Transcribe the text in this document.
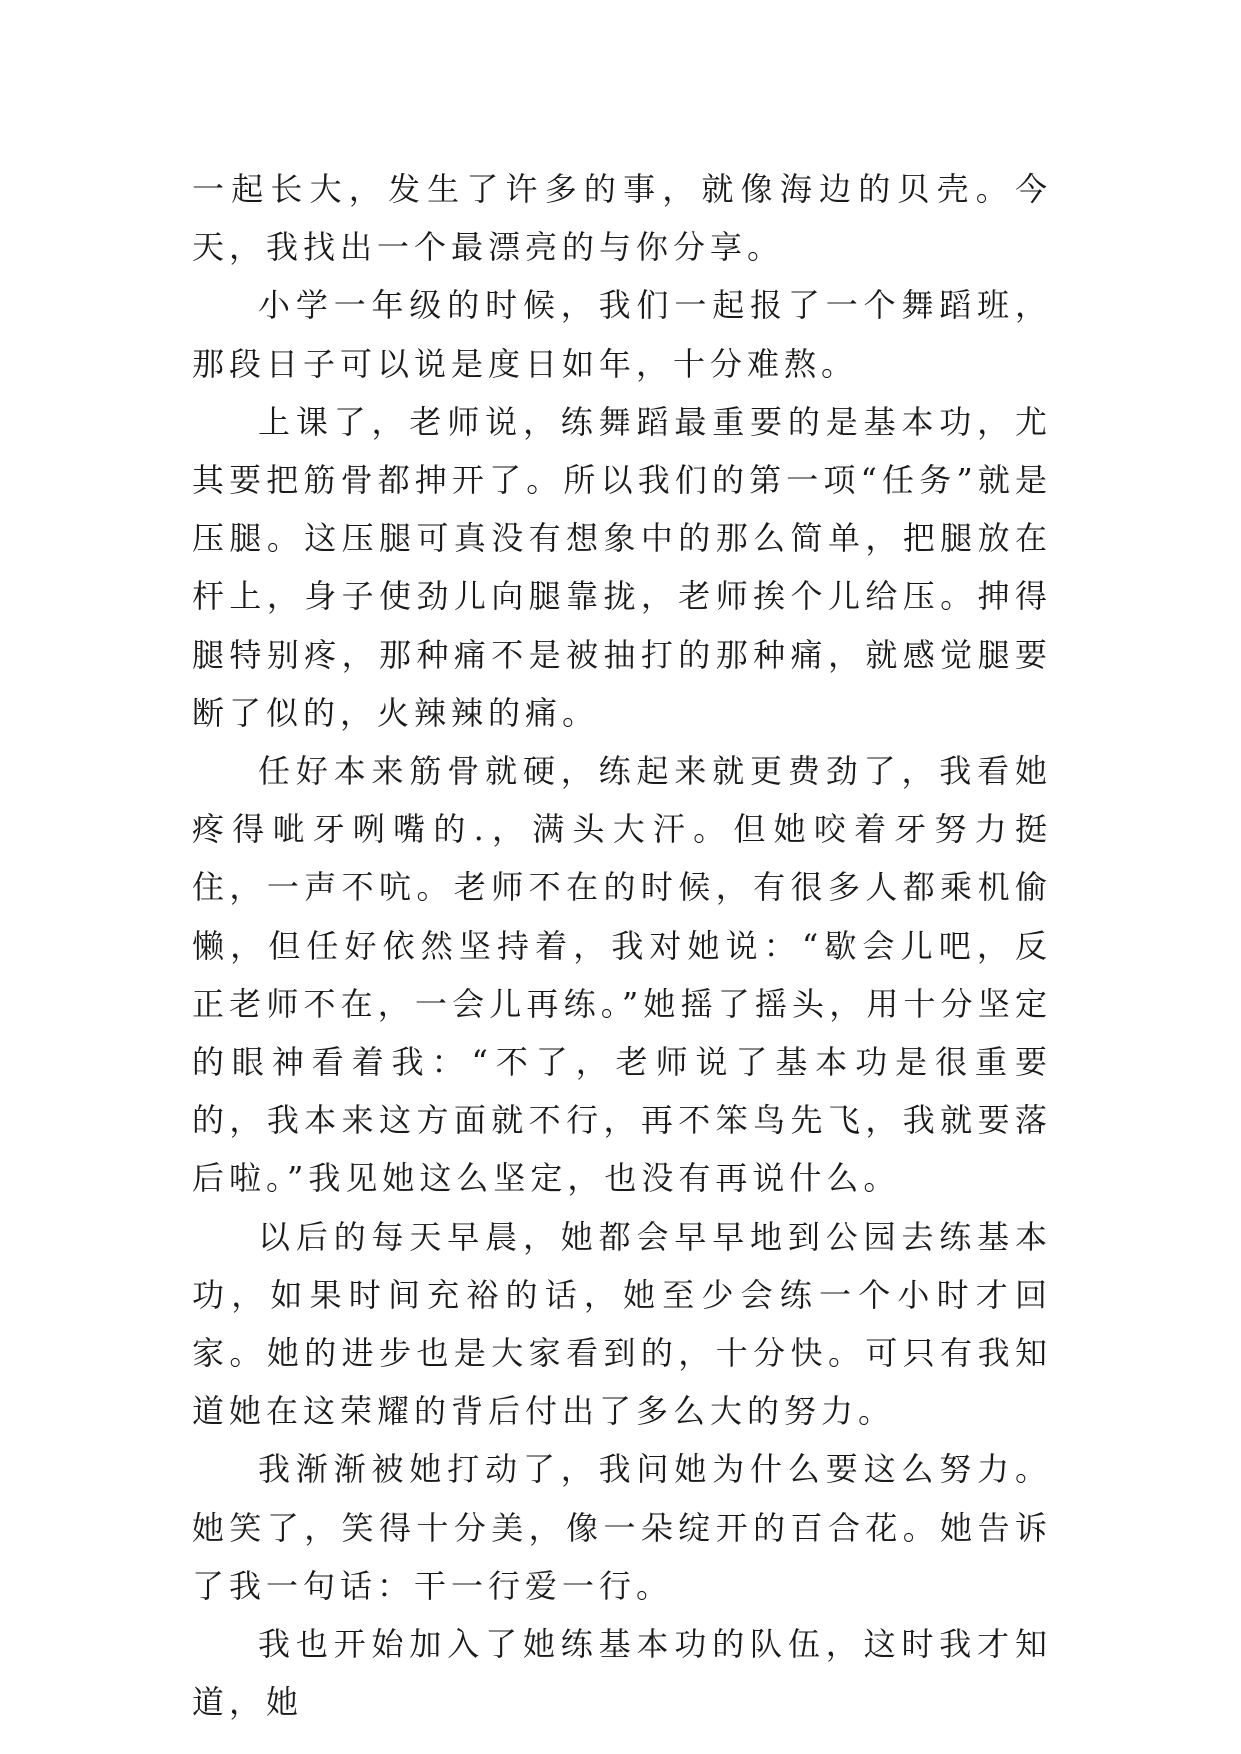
一起长大，发生了许多的事，就像海边的贝壳。今天，我找出一个最漂亮的与你分享。

小学一年级的时候，我们一起报了一个舞蹈班，那段日子可以说是度日如年，十分难熬。

上课了，老师说，练舞蹈最重要的是基本功，尤其要把筋骨都抻开了。所以我们的第一项“任务”就是压腿。这压腿可真没有想象中的那么简单，把腿放在杆上，身子使劲儿向腿靠拢，老师挨个儿给压。抻得腿特别疼，那种痛不是被抽打的那种痛，就感觉腿要断了似的，火辣辣的痛。

任好本来筋骨就硬，练起来就更费劲了，我看她疼得呲牙咧嘴的.，满头大汗。但她咬着牙努力挺住，一声不吭。老师不在的时候，有很多人都乘机偷懒，但任好依然坚持着，我对她说：“歇会儿吧，反正老师不在，一会儿再练。”她摇了摇头，用十分坚定的眼神看着我：“不了，老师说了基本功是很重要的，我本来这方面就不行，再不笨鸟先飞，我就要落后啦。”我见她这么坚定，也没有再说什么。

以后的每天早晨，她都会早早地到公园去练基本功，如果时间充裕的话，她至少会练一个小时才回家。她的进步也是大家看到的，十分快。可只有我知道她在这荣耀的背后付出了多么大的努力。

我渐渐被她打动了，我问她为什么要这么努力。她笑了，笑得十分美，像一朵绽开的百合花。她告诉了我一句话：干一行爱一行。

我也开始加入了她练基本功的队伍，这时我才知道，她
